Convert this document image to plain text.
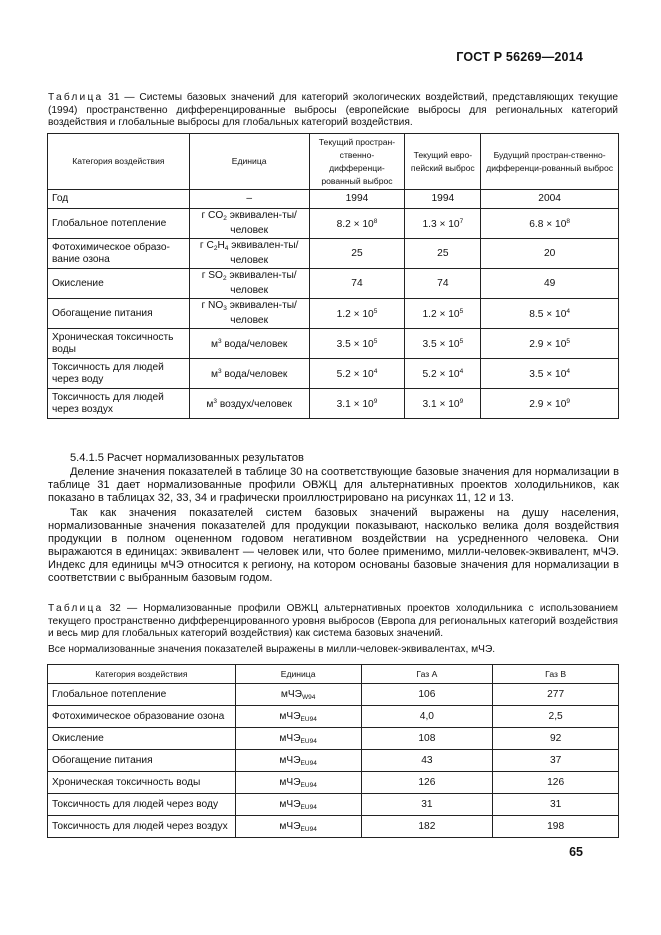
ГОСТ Р 56269—2014
Таблица 31 — Системы базовых значений для категорий экологических воздействий, представляющих текущие (1994) пространственно дифференцированные выбросы (европейские выбросы для региональных категорий воздействия и глобальные выбросы для глобальных категорий воздействия.
Категория воздействия	Единица	Текущий простран-ственно-дифференци-рованный выброс	Текущий евро-пейский выброс	Будущий простран-ственно-дифференци-рованный выброс
Год	–	1994	1994	2004
Глобальное потепление	г $CO_2$ эквивален-ты/человек	$8.2 \times 10^8$	$1.3 \times 10^7$	$6.8 \times 10^8$
Фотохимическое образо-вание озона	г $C_2H_4$ эквивален-ты/человек	25	25	20
Окисление	г $SO_2$ эквивален-ты/человек	74	74	49
Обогащение питания	г $NO_3$ эквивален-ты/человек	$1.2 \times 10^5$	$1.2 \times 10^5$	$8.5 \times 10^4$
Хроническая токсичность воды	$м^3$ вода/человек	$3.5 \times 10^5$	$3.5 \times 10^5$	$2.9 \times 10^5$
Токсичность для людей через воду	$м^3$ вода/человек	$5.2 \times 10^4$	$5.2 \times 10^4$	$3.5 \times 10^4$
Токсичность для людей через воздух	$м^3$ воздух/человек	$3.1 \times 10^9$	$3.1 \times 10^9$	$2.9 \times 10^9$
5.4.1.5 Расчет нормализованных результатов
Деление значения показателей в таблице 30 на соответствующие базовые значения для нормализации в таблице 31 дает нормализованные профили ОВЖЦ для альтернативных проектов холодильников, как показано в таблицах 32, 33, 34 и графически проиллюстрировано на рисунках 11, 12 и 13.
Так как значения показателей систем базовых значений выражены на душу населения, нормализованные значения показателей для продукции показывают, насколько велика доля воздействия продукции в полном оцененном годовом негативном воздействии на усредненного человека. Они выражаются в единицах: эквивалент — человек или, что более применимо, милли-человек-эквивалент, мЧЭ. Индекс для единицы мЧЭ относится к региону, на котором основаны базовые значения для нормализации в соответствии с выбранным базовым годом.
Таблица 32 — Нормализованные профили ОВЖЦ альтернативных проектов холодильника с использованием текущего пространственно дифференцированного уровня выбросов (Европа для региональных категорий воздействия и весь мир для глобальных категорий воздействия) как система базовых значений.
Все нормализованные значения показателей выражены в милли-человек-эквивалентах, мЧЭ.
Категория воздействия	Единица	Газ А	Газ В
Глобальное потепление	мЧЭ$_{W94}$	106	277
Фотохимическое образование озона	мЧЭ$_{EU94}$	4,0	2,5
Окисление	мЧЭ$_{EU94}$	108	92
Обогащение питания	мЧЭ$_{EU94}$	43	37
Хроническая токсичность воды	мЧЭ$_{EU94}$	126	126
Токсичность для людей через воду	мЧЭ$_{EU94}$	31	31
Токсичность для людей через воздух	мЧЭ$_{EU94}$	182	198
65
